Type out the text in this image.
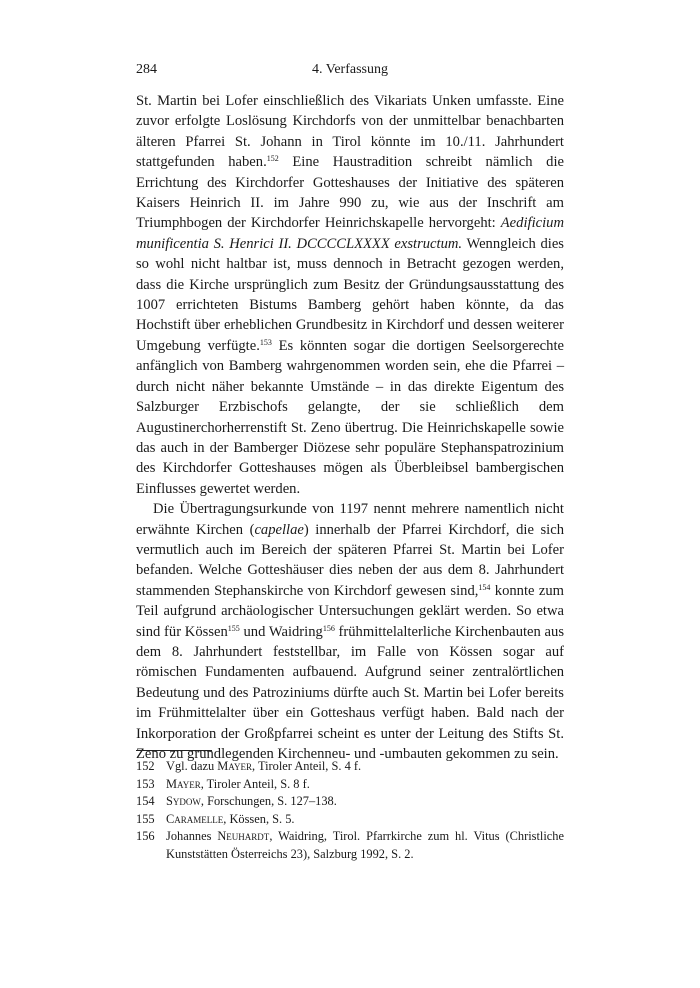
284	4. Verfassung

St. Martin bei Lofer einschließlich des Vikariats Unken umfasste. Eine zuvor erfolgte Loslösung Kirchdorfs von der unmittelbar benachbarten älteren Pfarrei St. Johann in Tirol könnte im 10./11. Jahrhundert stattgefunden haben.$^{152}$ Eine Haustradition schreibt nämlich die Errichtung des Kirchdorfer Gotteshauses der Initiative des späteren Kaisers Heinrich II. im Jahre 990 zu, wie aus der Inschrift am Triumphbogen der Kirchdorfer Heinrichskapelle hervorgeht: Aedificium munificentia S. Henrici II. DCCCCLXXXX exstructum. Wenngleich dies so wohl nicht haltbar ist, muss dennoch in Betracht gezogen werden, dass die Kirche ursprünglich zum Besitz der Gründungsausstattung des 1007 errichteten Bistums Bamberg gehört haben könnte, da das Hochstift über erheblichen Grundbesitz in Kirchdorf und dessen weiterer Umgebung verfügte.$^{153}$ Es könnten sogar die dortigen Seelsorgerechte anfänglich von Bamberg wahrgenommen worden sein, ehe die Pfarrei – durch nicht näher bekannte Umstände – in das direkte Eigentum des Salzburger Erzbischofs gelangte, der sie schließlich dem Augustinerchorherrenstift St. Zeno übertrug. Die Heinrichskapelle sowie das auch in der Bamberger Diözese sehr populäre Stephanspatrozinium des Kirchdorfer Gotteshauses mögen als Überbleibsel bambergischen Einflusses gewertet werden.

Die Übertragungsurkunde von 1197 nennt mehrere namentlich nicht erwähnte Kirchen (capellae) innerhalb der Pfarrei Kirchdorf, die sich vermutlich auch im Bereich der späteren Pfarrei St. Martin bei Lofer befanden. Welche Gotteshäuser dies neben der aus dem 8. Jahrhundert stammenden Stephanskirche von Kirchdorf gewesen sind,$^{154}$ konnte zum Teil aufgrund archäologischer Untersuchungen geklärt werden. So etwa sind für Kössen$^{155}$ und Waidring$^{156}$ frühmittelalterliche Kirchenbauten aus dem 8. Jahrhundert feststellbar, im Falle von Kössen sogar auf römischen Fundamenten aufbauend. Aufgrund seiner zentralörtlichen Bedeutung und des Patroziniums dürfte auch St. Martin bei Lofer bereits im Frühmittelalter über ein Gotteshaus verfügt haben. Bald nach der Inkorporation der Großpfarrei scheint es unter der Leitung des Stifts St. Zeno zu grundlegenden Kirchenneu- und -umbauten gekommen zu sein.

152 Vgl. dazu Mayer, Tiroler Anteil, S. 4 f.
153 Mayer, Tiroler Anteil, S. 8 f.
154 Sydow, Forschungen, S. 127–138.
155 Caramelle, Kössen, S. 5.
156 Johannes Neuhardt, Waidring, Tirol. Pfarrkirche zum hl. Vitus (Christliche Kunststätten Österreichs 23), Salzburg 1992, S. 2.
